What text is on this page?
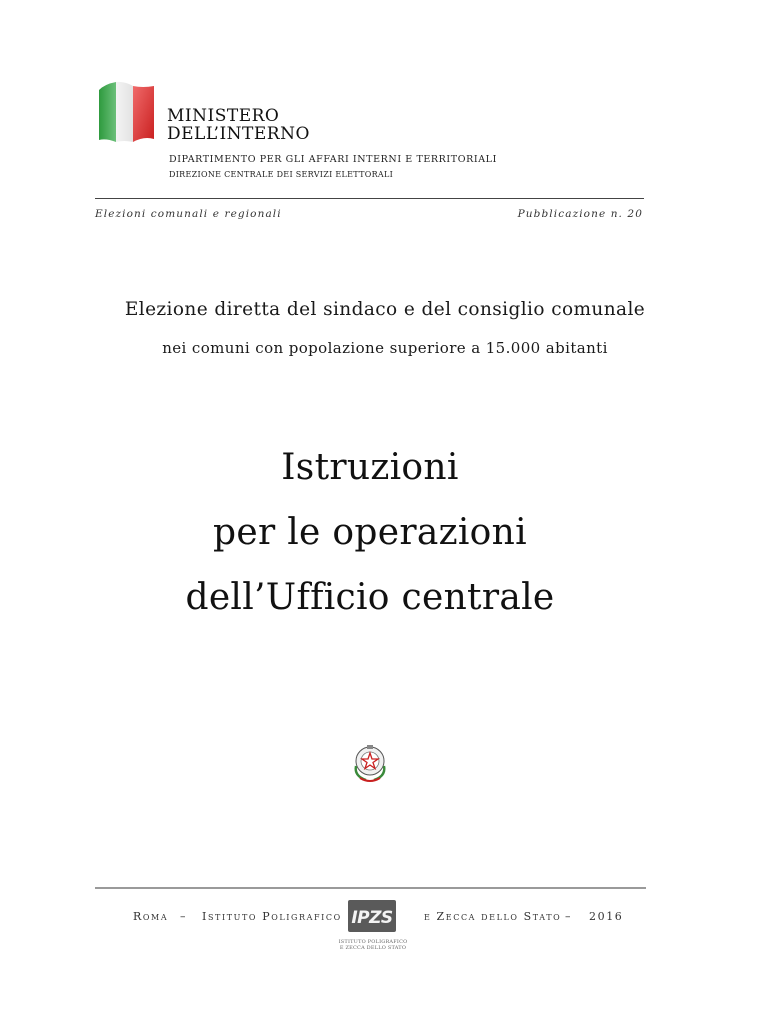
MINISTERO
DELL’INTERNO
DIPARTIMENTO PER GLI AFFARI INTERNI E TERRITORIALI
DIREZIONE CENTRALE DEI SERVIZI ELETTORALI
Elezioni comunali e regionali	Pubblicazione n. 20
Elezione diretta del sindaco e del consiglio comunale
nei comuni con popolazione superiore a 15.000 abitanti
Istruzioni
per le operazioni
dell’Ufficio centrale
Roma – Istituto Poligrafico IPZS
ISTITUTO POLIGRAFICO
E ZECCA DELLO STATO
e Zecca dello Stato – 2016
